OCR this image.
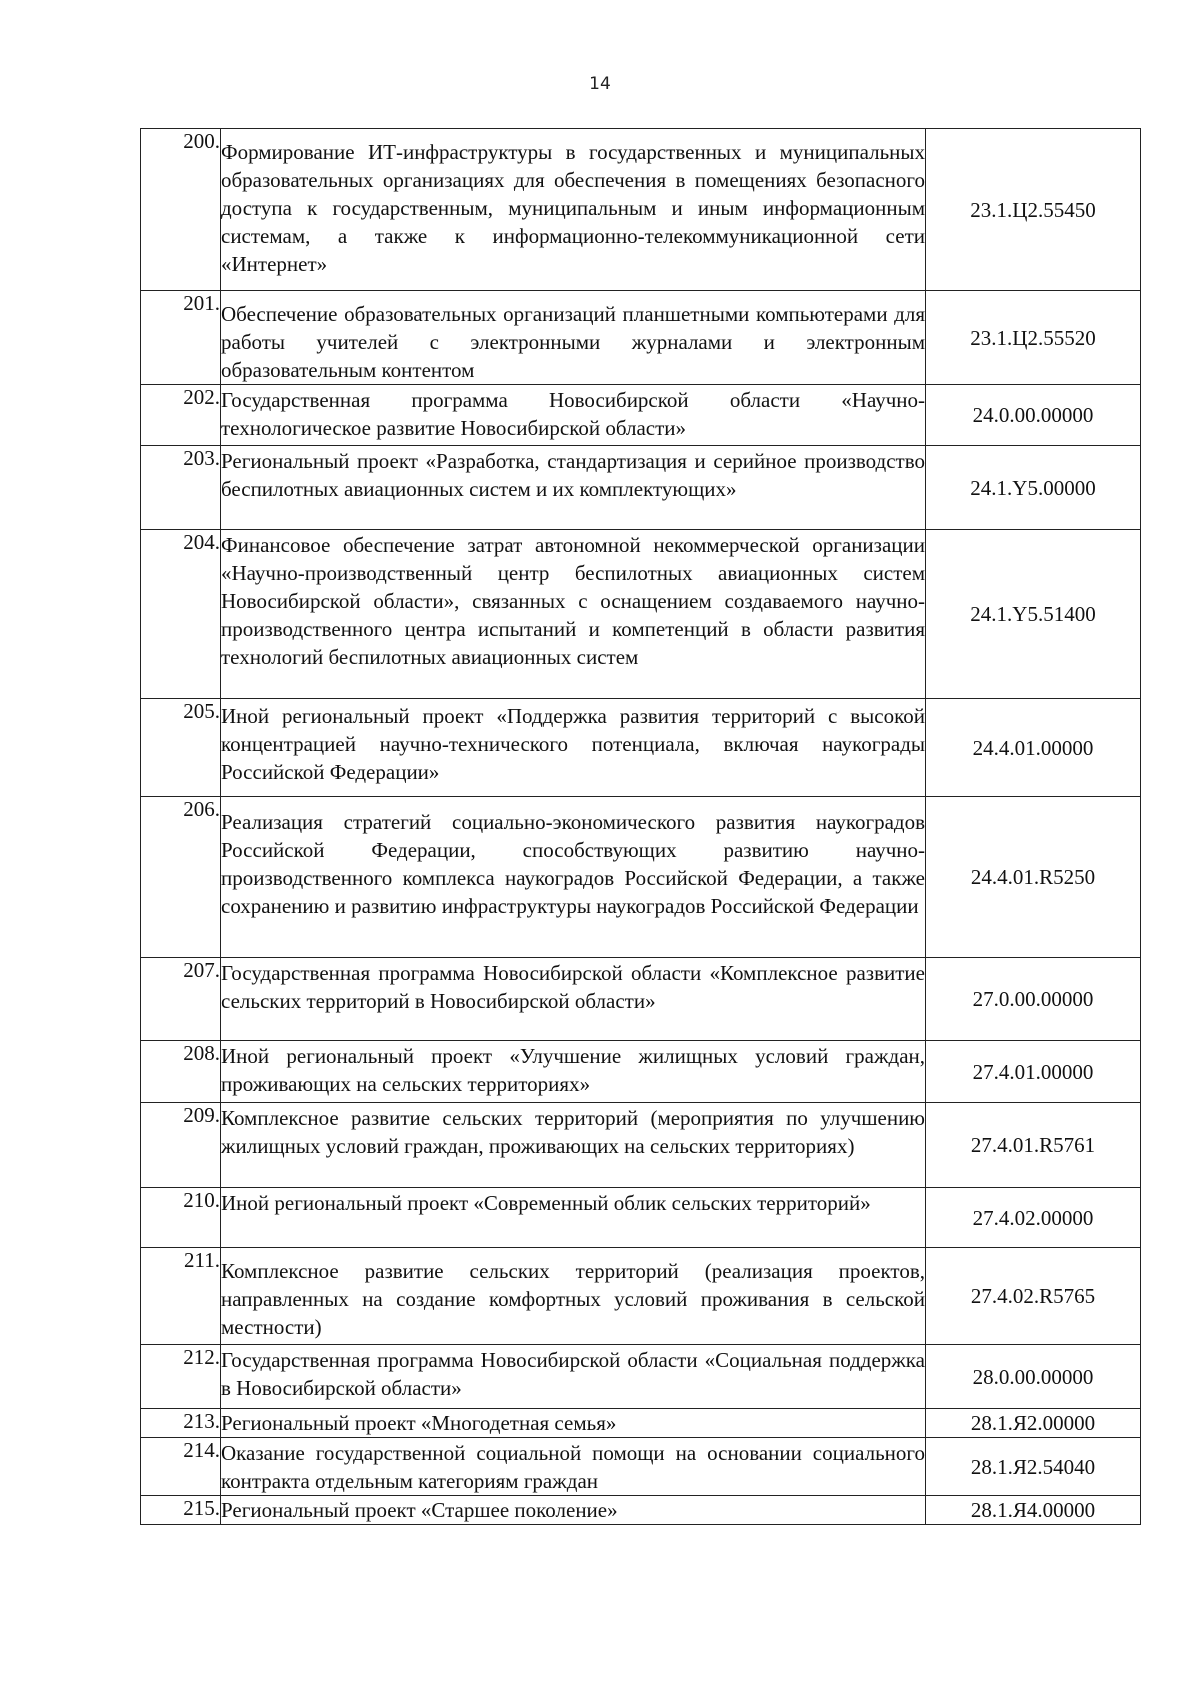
14
200.	Формирование ИТ-инфраструктуры в государственных и муниципальных образовательных организациях для обеспечения в помещениях безопасного доступа к государственным, муниципальным и иным информационным системам, а также к информационно-телекоммуникационной сети «Интернет»	23.1.Ц2.55450
201.	Обеспечение образовательных организаций планшетными компьютерами для работы учителей с электронными журналами и электронным образовательным контентом	23.1.Ц2.55520
202.	Государственная программа Новосибирской области «Научно-технологическое развитие Новосибирской области»	24.0.00.00000
203.	Региональный проект «Разработка, стандартизация и серийное производство беспилотных авиационных систем и их комплектующих»	24.1.Y5.00000
204.	Финансовое обеспечение затрат автономной некоммерческой организации «Научно-производственный центр беспилотных авиационных систем Новосибирской области», связанных с оснащением создаваемого научно-производственного центра испытаний и компетенций в области развития технологий беспилотных авиационных систем	24.1.Y5.51400
205.	Иной региональный проект «Поддержка развития территорий с высокой концентрацией научно-технического потенциала, включая наукограды Российской Федерации»	24.4.01.00000
206.	Реализация стратегий социально-экономического развития наукоградов Российской Федерации, способствующих развитию научно-производственного комплекса наукоградов Российской Федерации, а также сохранению и развитию инфраструктуры наукоградов Российской Федерации	24.4.01.R5250
207.	Государственная программа Новосибирской области «Комплексное развитие сельских территорий в Новосибирской области»	27.0.00.00000
208.	Иной региональный проект «Улучшение жилищных условий граждан, проживающих на сельских территориях»	27.4.01.00000
209.	Комплексное развитие сельских территорий (мероприятия по улучшению жилищных условий граждан, проживающих на сельских территориях)	27.4.01.R5761
210.	Иной региональный проект «Современный облик сельских территорий»	27.4.02.00000
211.	Комплексное развитие сельских территорий (реализация проектов, направленных на создание комфортных условий проживания в сельской местности)	27.4.02.R5765
212.	Государственная программа Новосибирской области «Социальная поддержка в Новосибирской области»	28.0.00.00000
213.	Региональный проект «Многодетная семья»	28.1.Я2.00000
214.	Оказание государственной социальной помощи на основании социального контракта отдельным категориям граждан	28.1.Я2.54040
215.	Региональный проект «Старшее поколение»	28.1.Я4.00000
